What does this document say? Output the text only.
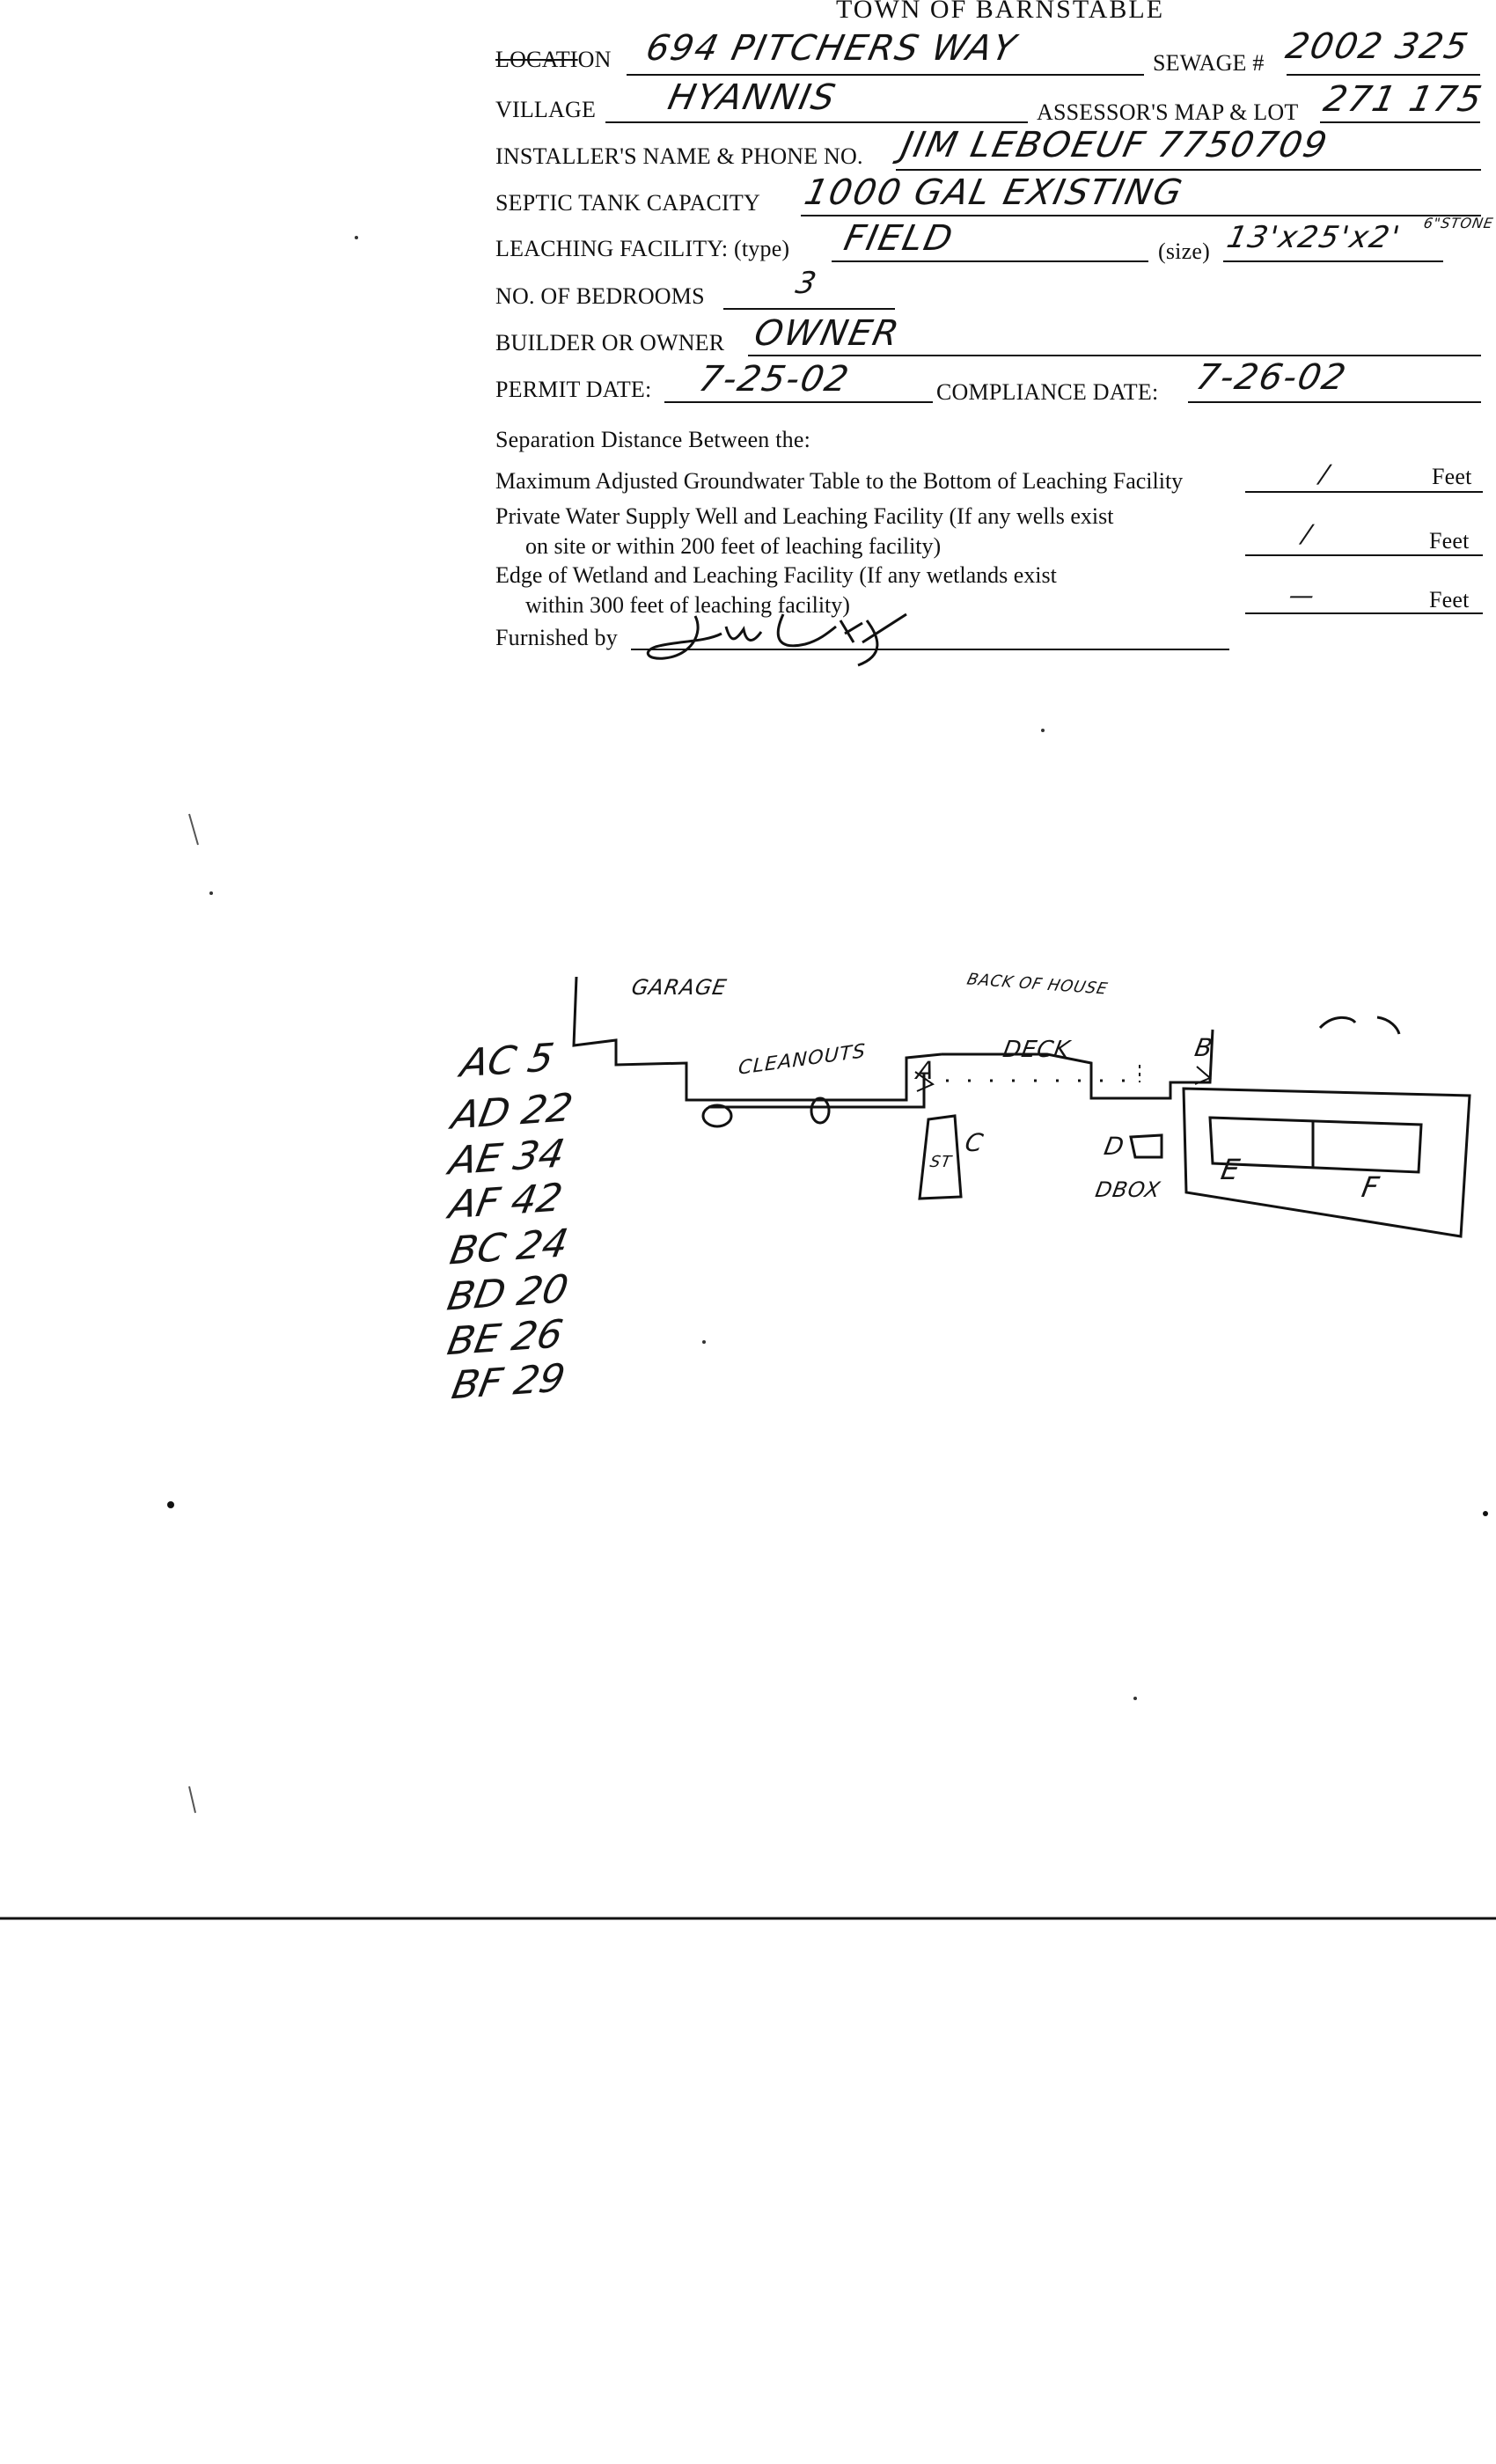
TOWN OF BARNSTABLE
LOCATION 694 PITCHERS WAY	SEWAGE # 2002 325
VILLAGE HYANNIS	ASSESSOR'S MAP & LOT 271 175
INSTALLER'S NAME & PHONE NO. JIM LEBOEUF 7750709
SEPTIC TANK CAPACITY 1000 GAL EXISTING
LEACHING FACILITY: (type) FIELD	(size) 13'x25'x2' 6"STONE
NO. OF BEDROOMS	3
BUILDER OR OWNER OWNER
PERMIT DATE: 7-25-02	COMPLIANCE DATE: 7-26-02
Separation Distance Between the:
Maximum Adjusted Groundwater Table to the Bottom of Leaching Facility	/	Feet
Private Water Supply Well and Leaching Facility (If any wells exist
on site or within 200 feet of leaching facility)	/	Feet
Edge of Wetland and Leaching Facility (If any wetlands exist
within 300 feet of leaching facility)	—	Feet
Furnished by
GARAGE	BACK OF HOUSE
CLEANOUTS	DECK
A
B
C
ST
D
DBOX
E
F
AC 5
AD 22
AE 34
AF 42
BC 24
BD 20
BE 26
BF 29
